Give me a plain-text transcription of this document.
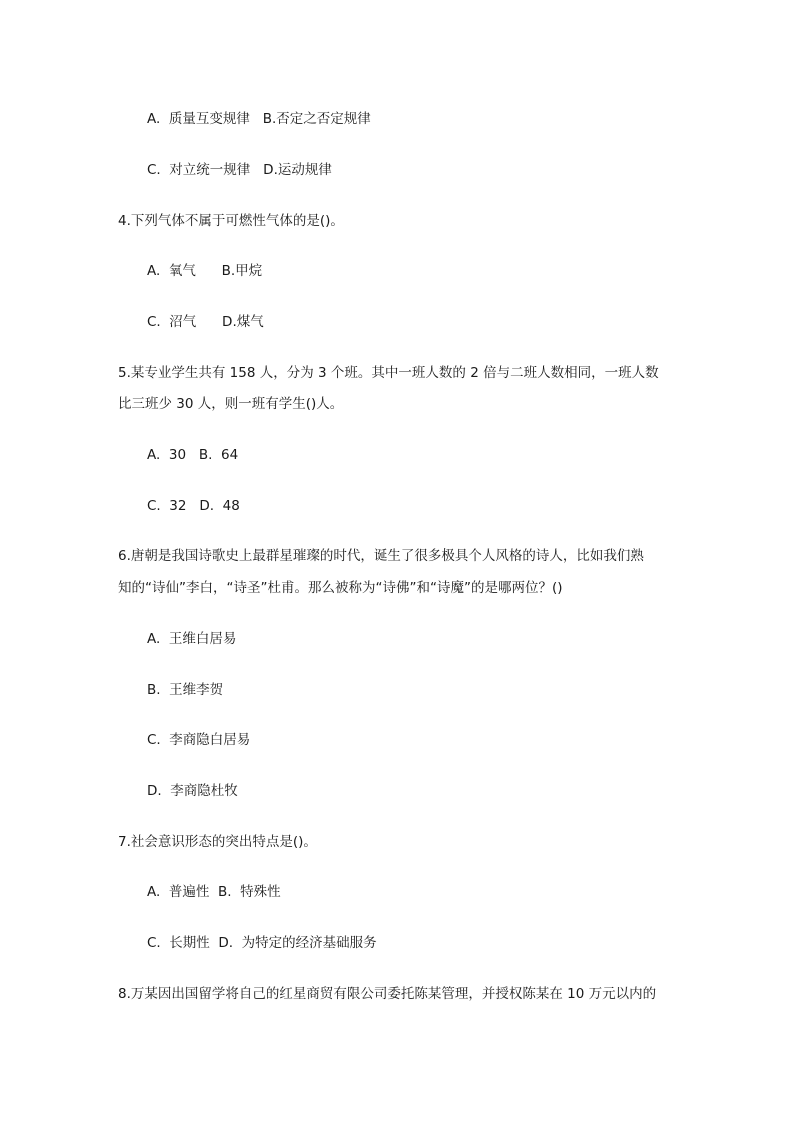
A.  质量互变规律   B.否定之否定规律
C.  对立统一规律   D.运动规律
4.下列气体不属于可燃性气体的是()。
A.  氧气      B.甲烷
C.  沼气      D.煤气
5.某专业学生共有 158 人，分为 3 个班。其中一班人数的 2 倍与二班人数相同，一班人数
比三班少 30 人，则一班有学生()人。
A.  30   B.  64
C.  32   D.  48
6.唐朝是我国诗歌史上最群星璀璨的时代，诞生了很多极具个人风格的诗人，比如我们熟
知的“诗仙”李白，“诗圣”杜甫。那么被称为“诗佛”和“诗魔”的是哪两位？()
A.  王维白居易
B.  王维李贺
C.  李商隐白居易
D.  李商隐杜牧
7.社会意识形态的突出特点是()。
A.  普遍性  B.  特殊性
C.  长期性  D.  为特定的经济基础服务
8.万某因出国留学将自己的红星商贸有限公司委托陈某管理，并授权陈某在 10 万元以内的
